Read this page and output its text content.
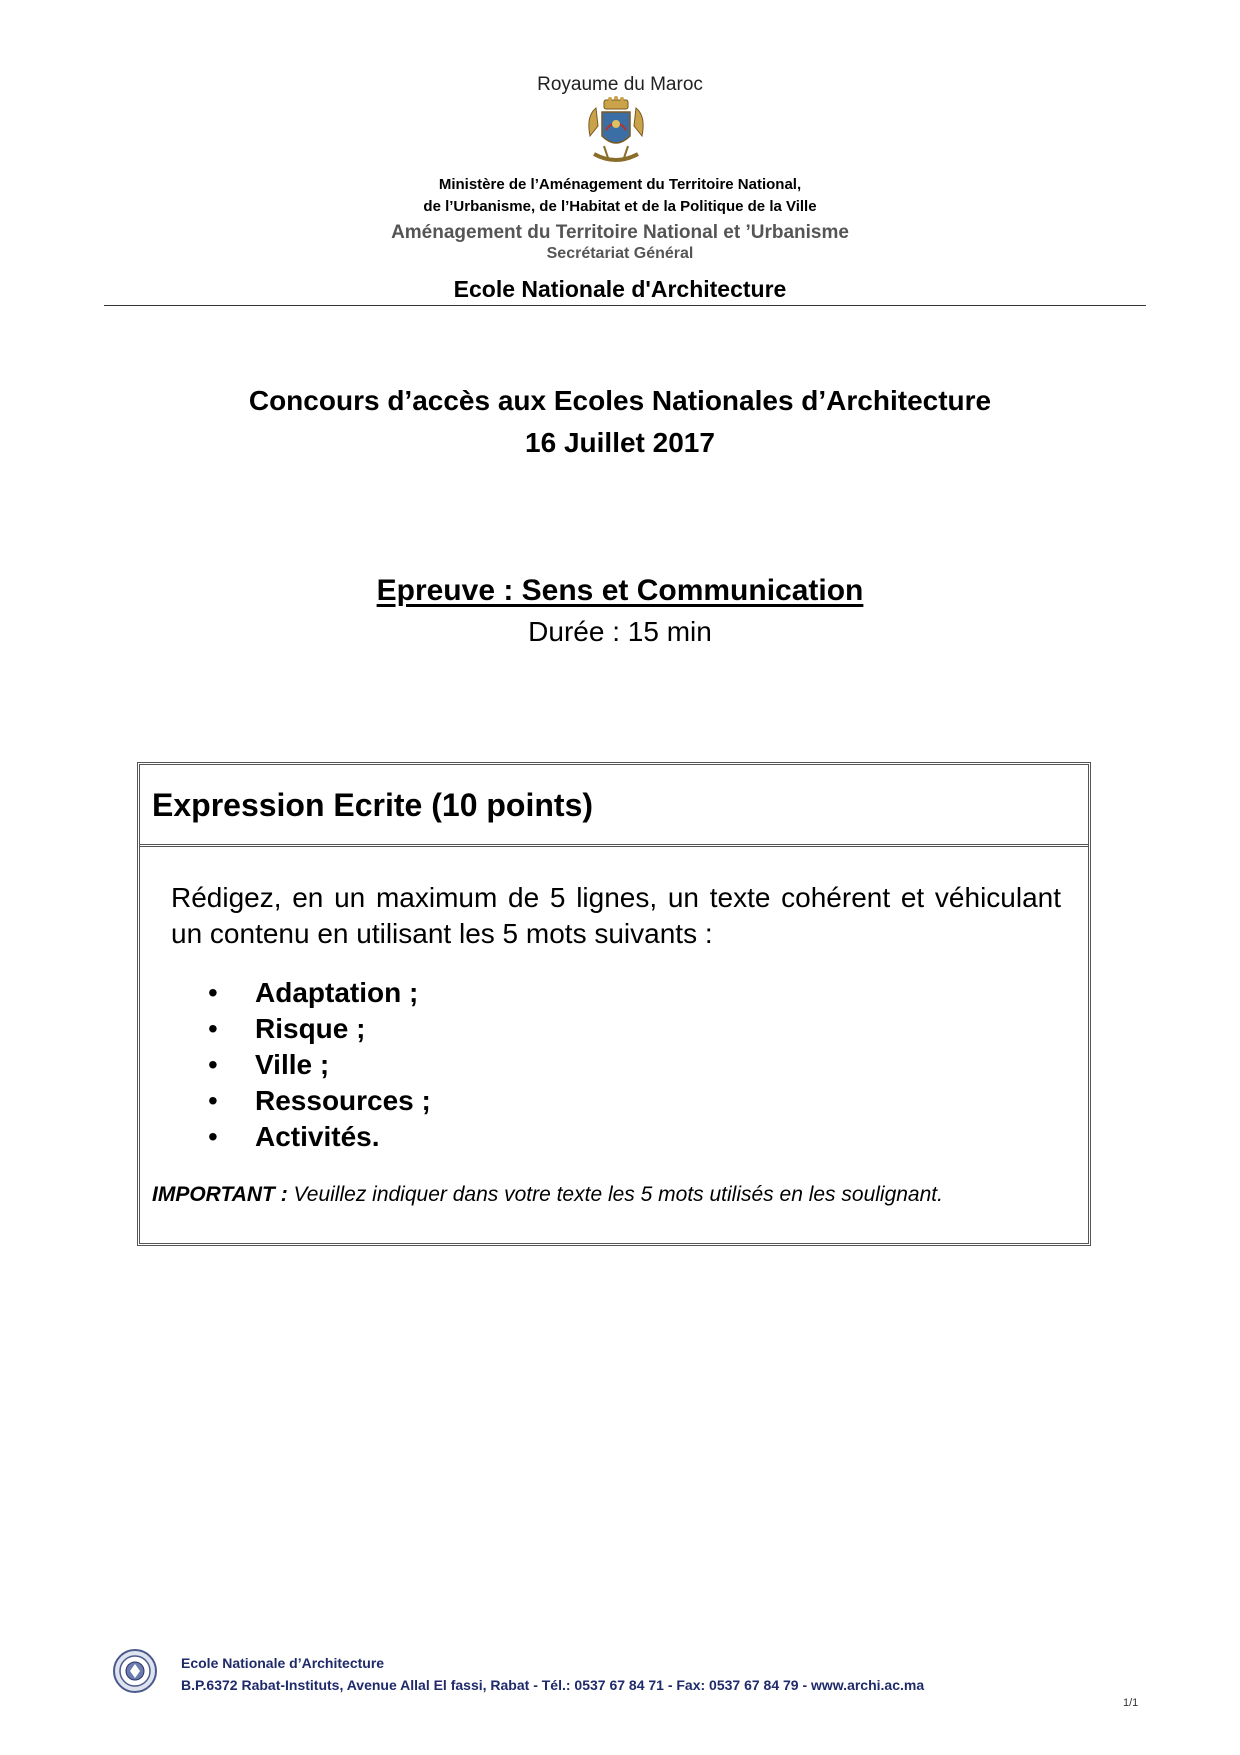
Royaume du Maroc
Ministère de l’Aménagement du Territoire National,
de l’Urbanisme, de l’Habitat et de la Politique de la Ville
Aménagement du Territoire National et ’Urbanisme
Secrétariat Général
Ecole Nationale d'Architecture
Concours d’accès aux Ecoles Nationales d’Architecture
16 Juillet 2017
Epreuve : Sens et Communication
Durée : 15 min
Expression Ecrite (10 points)
Rédigez, en un maximum de 5 lignes, un texte cohérent et véhiculant un contenu en utilisant les 5 mots suivants :
• Adaptation ;
• Risque ;
• Ville ;
• Ressources ;
• Activités.
IMPORTANT : Veuillez indiquer dans votre texte les 5 mots utilisés en les soulignant.
Ecole Nationale d’Architecture
B.P.6372 Rabat-Instituts, Avenue Allal El fassi, Rabat - Tél.: 0537 67 84 71 - Fax: 0537 67 84 79 - www.archi.ac.ma
1/1
